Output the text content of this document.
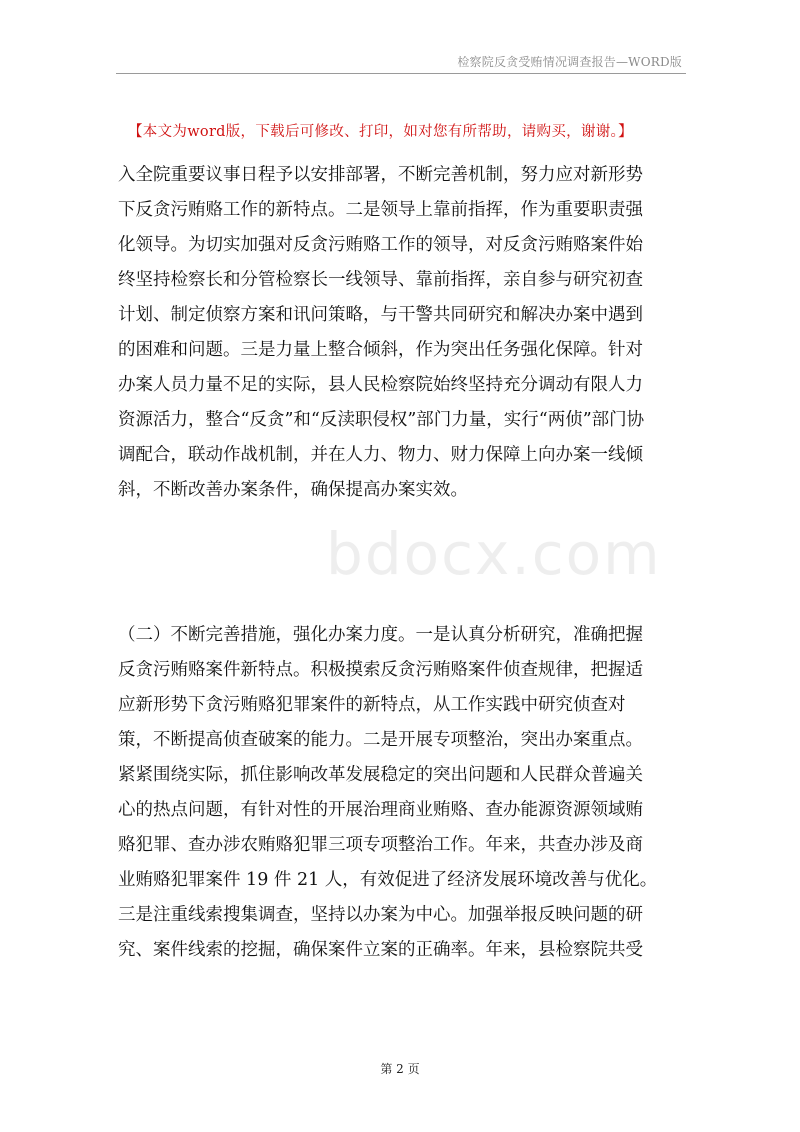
检察院反贪受贿情况调查报告—WORD版
【本文为word版，下载后可修改、打印，如对您有所帮助，请购买，谢谢。】
bdocx.com
入全院重要议事日程予以安排部署，不断完善机制，努力应对新形势
下反贪污贿赂工作的新特点。二是领导上靠前指挥，作为重要职责强
化领导。为切实加强对反贪污贿赂工作的领导，对反贪污贿赂案件始
终坚持检察长和分管检察长一线领导、靠前指挥，亲自参与研究初查
计划、制定侦察方案和讯问策略，与干警共同研究和解决办案中遇到
的困难和问题。三是力量上整合倾斜，作为突出任务强化保障。针对
办案人员力量不足的实际，县人民检察院始终坚持充分调动有限人力
资源活力，整合“反贪”和“反渎职侵权”部门力量，实行“两侦”部门协
调配合，联动作战机制，并在人力、物力、财力保障上向办案一线倾
斜，不断改善办案条件，确保提高办案实效。
（二）不断完善措施，强化办案力度。一是认真分析研究，准确把握
反贪污贿赂案件新特点。积极摸索反贪污贿赂案件侦查规律，把握适
应新形势下贪污贿赂犯罪案件的新特点，从工作实践中研究侦查对
策，不断提高侦查破案的能力。二是开展专项整治，突出办案重点。
紧紧围绕实际，抓住影响改革发展稳定的突出问题和人民群众普遍关
心的热点问题，有针对性的开展治理商业贿赂、查办能源资源领域贿
赂犯罪、查办涉农贿赂犯罪三项专项整治工作。年来，共查办涉及商
业贿赂犯罪案件 19 件 21 人，有效促进了经济发展环境改善与优化。
三是注重线索搜集调查，坚持以办案为中心。加强举报反映问题的研
究、案件线索的挖掘，确保案件立案的正确率。年来，县检察院共受
第 2 页
